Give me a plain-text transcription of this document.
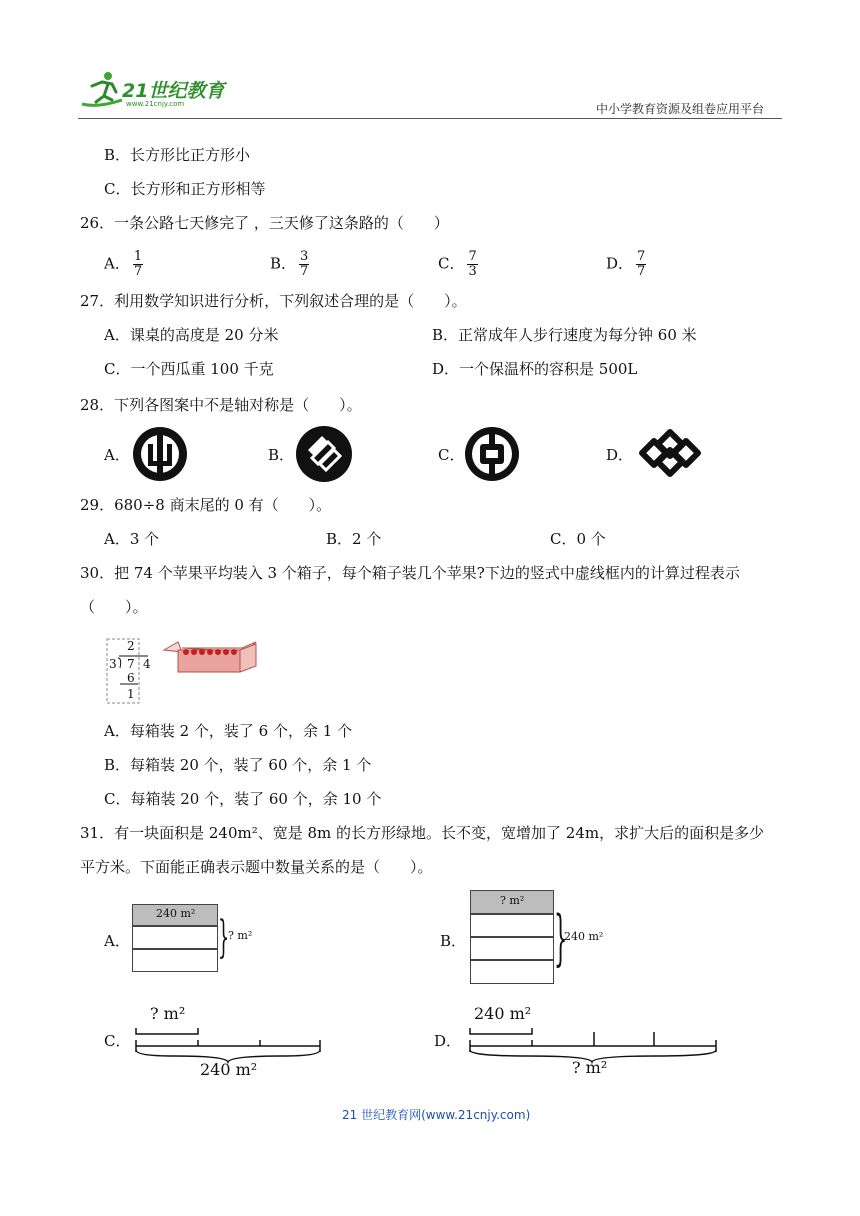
21世纪教育
www.21cnjy.com	中小学教育资源及组卷应用平台
B．长方形比正方形小
C．长方形和正方形相等
26．一条公路七天修完了 ，三天修了这条路的（　　）
A． $\frac{1}{7}$	B． $\frac{3}{7}$	C． $\frac{7}{3}$	D． $\frac{7}{7}$
27．利用数学知识进行分析，下列叙述合理的是（　　）。
A．课桌的高度是 20 分米	B．正常成年人步行速度为每分钟 60 米
C．一个西瓜重 100 千克	D．一个保温杯的容积是 500L
28．下列各图案中不是轴对称是（　　）。
A．	B．	C．	D．
29．680÷8 商末尾的 0 有（　　）。
A．3 个	B．2 个	C．0 个
30．把 74 个苹果平均装入 3 个箱子，每个箱子装几个苹果?下边的竖式中虚线框内的计算过程表示
（　　）。
2
3 7 4
6
1
A．每箱装 2 个，装了 6 个，余 1 个
B．每箱装 20 个，装了 60 个，余 1 个
C．每箱装 20 个，装了 60 个，余 10 个
31．有一块面积是 240m²、宽是 8m 的长方形绿地。长不变，宽增加了 24m，求扩大后的面积是多少
平方米。下面能正确表示题中数量关系的是（　　）。
A．
240 m² }
? m²	B．
? m²
}
240 m²
C．
? m²
240 m²
D．
240 m²
? m²
21 世纪教育网(www.21cnjy.com)
